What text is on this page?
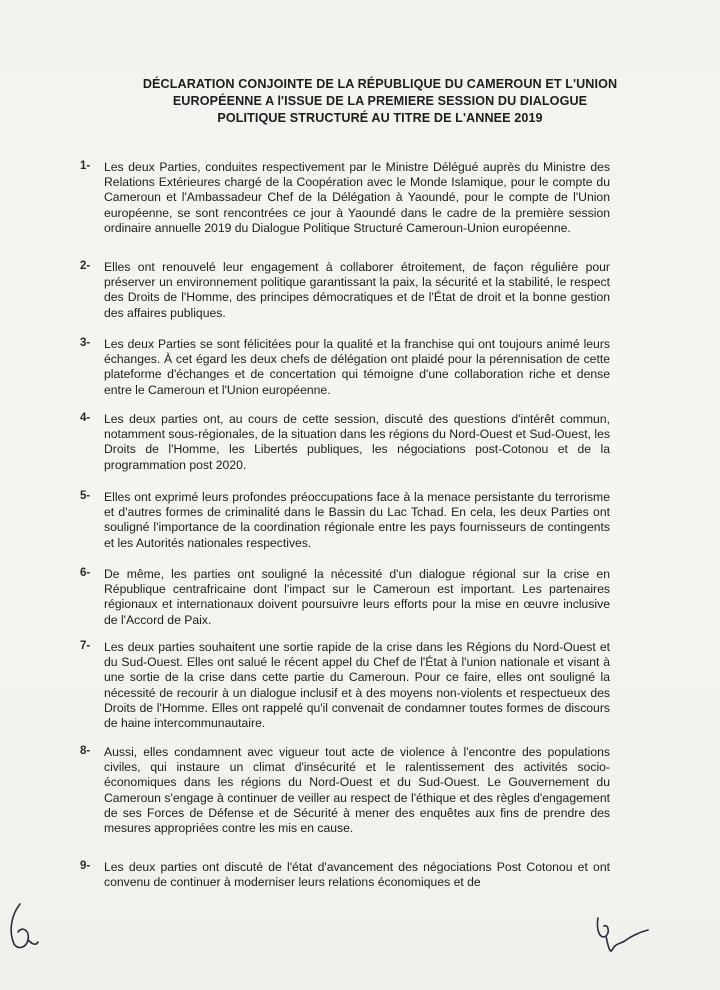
DÉCLARATION CONJOINTE DE LA RÉPUBLIQUE DU CAMEROUN ET L'UNION
EUROPÉENNE A l'ISSUE DE LA PREMIERE SESSION DU DIALOGUE
POLITIQUE STRUCTURÉ AU TITRE DE L'ANNEE 2019
1- Les deux Parties, conduites respectivement par le Ministre Délégué auprès du Ministre des Relations Extérieures chargé de la Coopération avec le Monde Islamique, pour le compte du Cameroun et l'Ambassadeur Chef de la Délégation à Yaoundé, pour le compte de l'Union européenne, se sont rencontrées ce jour à Yaoundé dans le cadre de la première session ordinaire annuelle 2019 du Dialogue Politique Structuré Cameroun-Union européenne.
2- Elles ont renouvelé leur engagement à collaborer étroitement, de façon régulière pour préserver un environnement politique garantissant la paix, la sécurité et la stabilité, le respect des Droits de l'Homme, des principes démocratiques et de l'État de droit et la bonne gestion des affaires publiques.
3- Les deux Parties se sont félicitées pour la qualité et la franchise qui ont toujours animé leurs échanges. À cet égard les deux chefs de délégation ont plaidé pour la pérennisation de cette plateforme d'échanges et de concertation qui témoigne d'une collaboration riche et dense entre le Cameroun et l'Union européenne.
4- Les deux parties ont, au cours de cette session, discuté des questions d'intérêt commun, notamment sous-régionales, de la situation dans les régions du Nord-Ouest et Sud-Ouest, les Droits de l'Homme, les Libertés publiques, les négociations post-Cotonou et de la programmation post 2020.
5- Elles ont exprimé leurs profondes préoccupations face à la menace persistante du terrorisme et d'autres formes de criminalité dans le Bassin du Lac Tchad. En cela, les deux Parties ont souligné l'importance de la coordination régionale entre les pays fournisseurs de contingents et les Autorités nationales respectives.
6- De même, les parties ont souligné la nécessité d'un dialogue régional sur la crise en République centrafricaine dont l'impact sur le Cameroun est important. Les partenaires régionaux et internationaux doivent poursuivre leurs efforts pour la mise en œuvre inclusive de l'Accord de Paix.
7- Les deux parties souhaitent une sortie rapide de la crise dans les Régions du Nord-Ouest et du Sud-Ouest. Elles ont salué le récent appel du Chef de l'État à l'union nationale et visant à une sortie de la crise dans cette partie du Cameroun. Pour ce faire, elles ont souligné la nécessité de recourir à un dialogue inclusif et à des moyens non-violents et respectueux des Droits de l'Homme. Elles ont rappelé qu'il convenait de condamner toutes formes de discours de haine intercommunautaire.
8- Aussi, elles condamnent avec vigueur tout acte de violence à l'encontre des populations civiles, qui instaure un climat d'insécurité et le ralentissement des activités socio-économiques dans les régions du Nord-Ouest et du Sud-Ouest. Le Gouvernement du Cameroun s'engage à continuer de veiller au respect de l'éthique et des règles d'engagement de ses Forces de Défense et de Sécurité à mener des enquêtes aux fins de prendre des mesures appropriées contre les mis en cause.
9- Les deux parties ont discuté de l'état d'avancement des négociations Post Cotonou et ont convenu de continuer à moderniser leurs relations économiques et de
